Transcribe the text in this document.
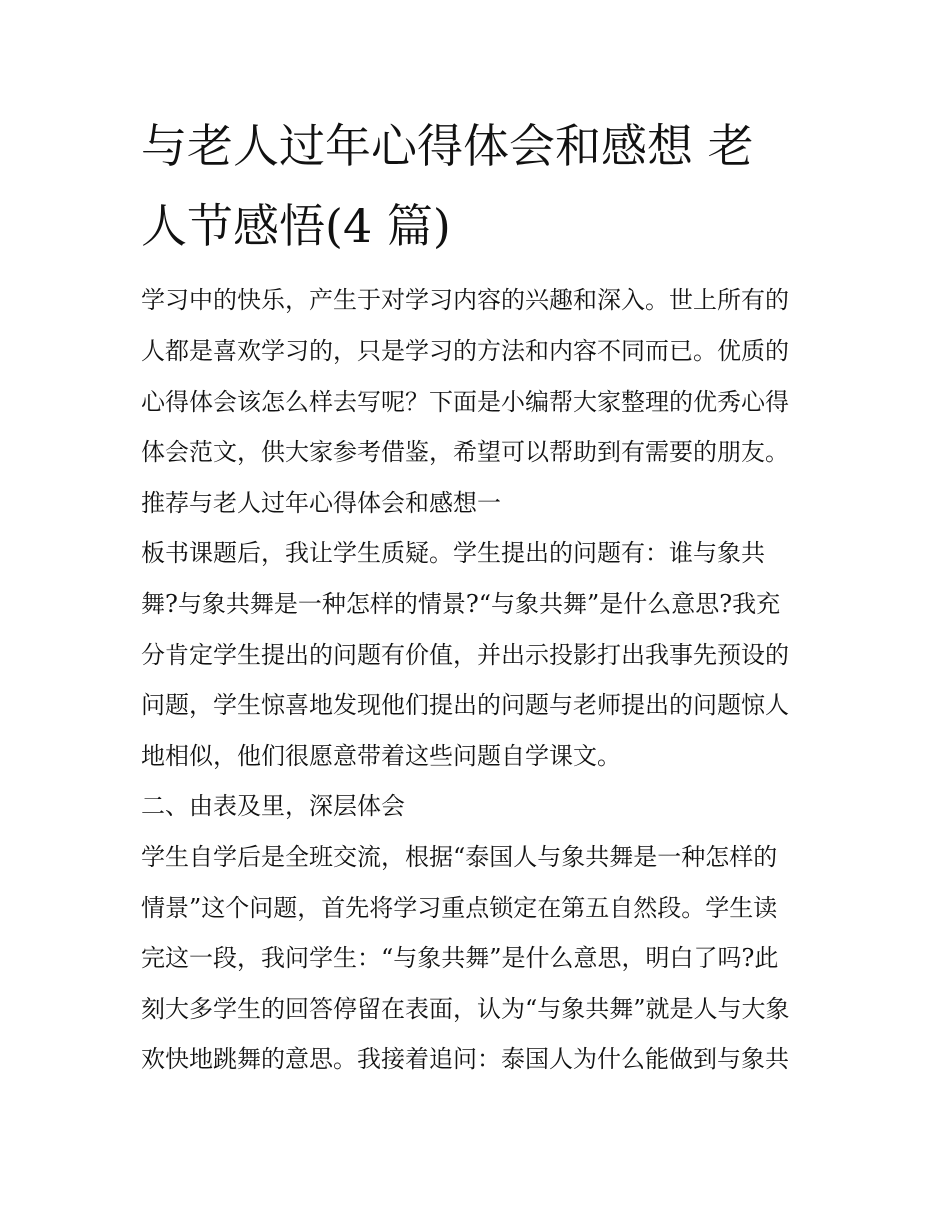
与老人过年心得体会和感想 老
人节感悟(4 篇)
学习中的快乐，产生于对学习内容的兴趣和深入。世上所有的
人都是喜欢学习的，只是学习的方法和内容不同而已。优质的
心得体会该怎么样去写呢？下面是小编帮大家整理的优秀心得
体会范文，供大家参考借鉴，希望可以帮助到有需要的朋友。
推荐与老人过年心得体会和感想一
板书课题后，我让学生质疑。学生提出的问题有：谁与象共
舞?与象共舞是一种怎样的情景?“与象共舞”是什么意思?我充
分肯定学生提出的问题有价值，并出示投影打出我事先预设的
问题，学生惊喜地发现他们提出的问题与老师提出的问题惊人
地相似，他们很愿意带着这些问题自学课文。
二、由表及里，深层体会
学生自学后是全班交流，根据“泰国人与象共舞是一种怎样的
情景”这个问题，首先将学习重点锁定在第五自然段。学生读
完这一段，我问学生：“与象共舞”是什么意思，明白了吗?此
刻大多学生的回答停留在表面，认为“与象共舞”就是人与大象
欢快地跳舞的意思。我接着追问：泰国人为什么能做到与象共
